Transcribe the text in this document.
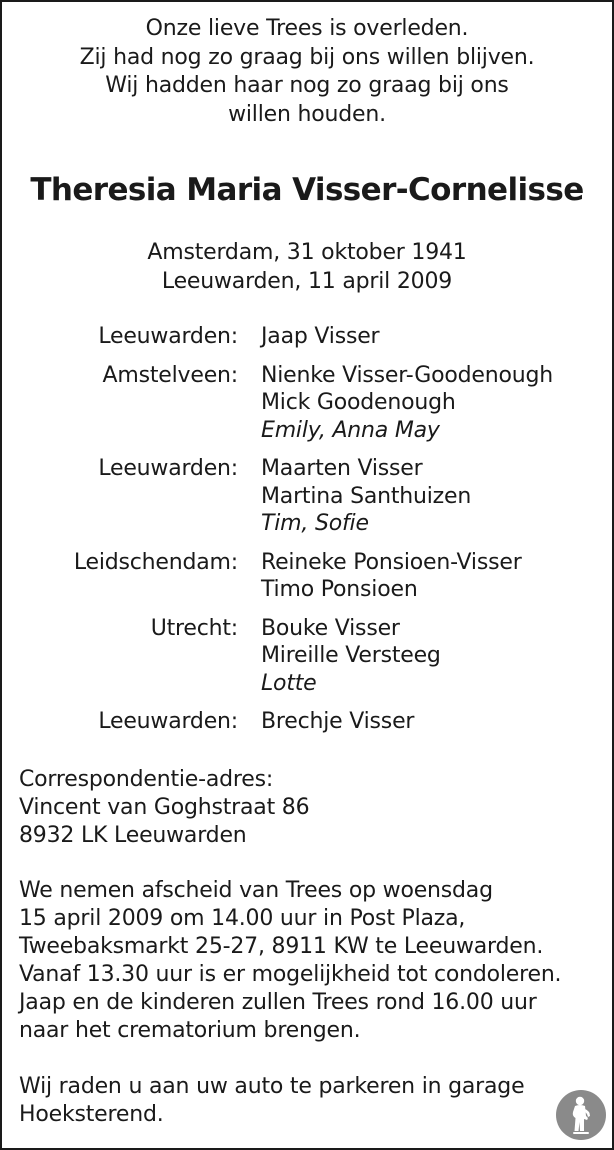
Onze lieve Trees is overleden.
Zij had nog zo graag bij ons willen blijven.
Wij hadden haar nog zo graag bij ons
willen houden.
Theresia Maria Visser-Cornelisse
Amsterdam, 31 oktober 1941
Leeuwarden, 11 april 2009
Leeuwarden: Jaap Visser
Amstelveen: Nienke Visser-Goodenough
Mick Goodenough
Emily, Anna May
Leeuwarden: Maarten Visser
Martina Santhuizen
Tim, Sofie
Leidschendam: Reineke Ponsioen-Visser
Timo Ponsioen
Utrecht: Bouke Visser
Mireille Versteeg
Lotte
Leeuwarden: Brechje Visser
Correspondentie-adres:
Vincent van Goghstraat 86
8932 LK Leeuwarden
We nemen afscheid van Trees op woensdag
15 april 2009 om 14.00 uur in Post Plaza,
Tweebaksmarkt 25-27, 8911 KW te Leeuwarden.
Vanaf 13.30 uur is er mogelijkheid tot condoleren.
Jaap en de kinderen zullen Trees rond 16.00 uur
naar het crematorium brengen.
Wij raden u aan uw auto te parkeren in garage
Hoeksterend.
